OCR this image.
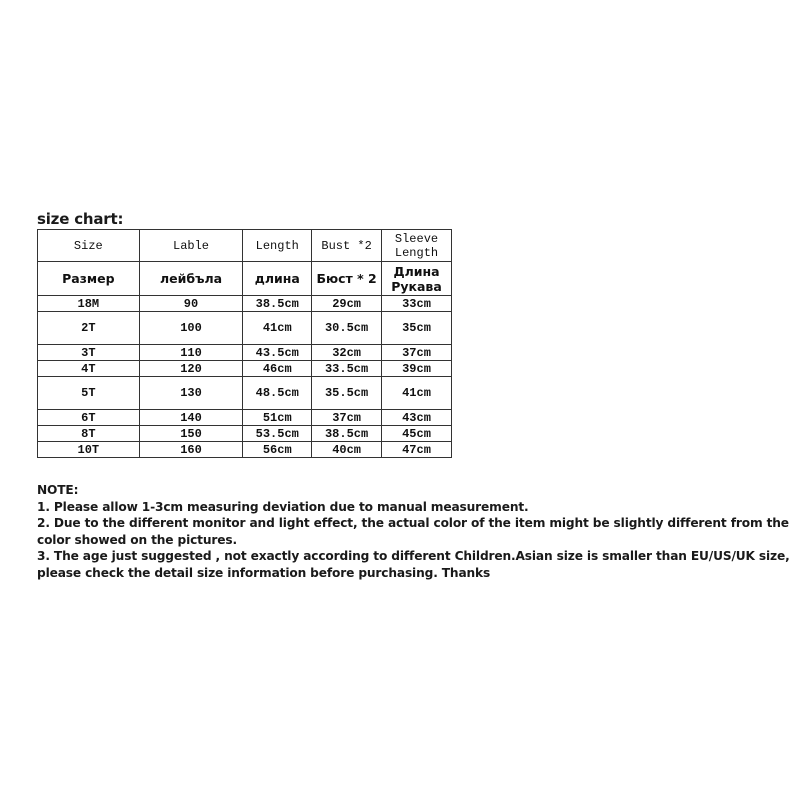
size chart:
Size	Lable	Length	Bust *2	Sleeve Length
Размер	лейбъла	длина	Бюст * 2	Длина Рукава
18M	90	38.5cm	29cm	33cm
2T	100	41cm	30.5cm	35cm
3T	110	43.5cm	32cm	37cm
4T	120	46cm	33.5cm	39cm
5T	130	48.5cm	35.5cm	41cm
6T	140	51cm	37cm	43cm
8T	150	53.5cm	38.5cm	45cm
10T	160	56cm	40cm	47cm
NOTE:
1. Please allow 1-3cm measuring deviation due to manual measurement.
2. Due to the different monitor and light effect, the actual color of the item might be slightly different from the color showed on the pictures.
3. The age just suggested , not exactly according to different Children.Asian size is smaller than EU/US/UK size, please check the detail size information before purchasing. Thanks
